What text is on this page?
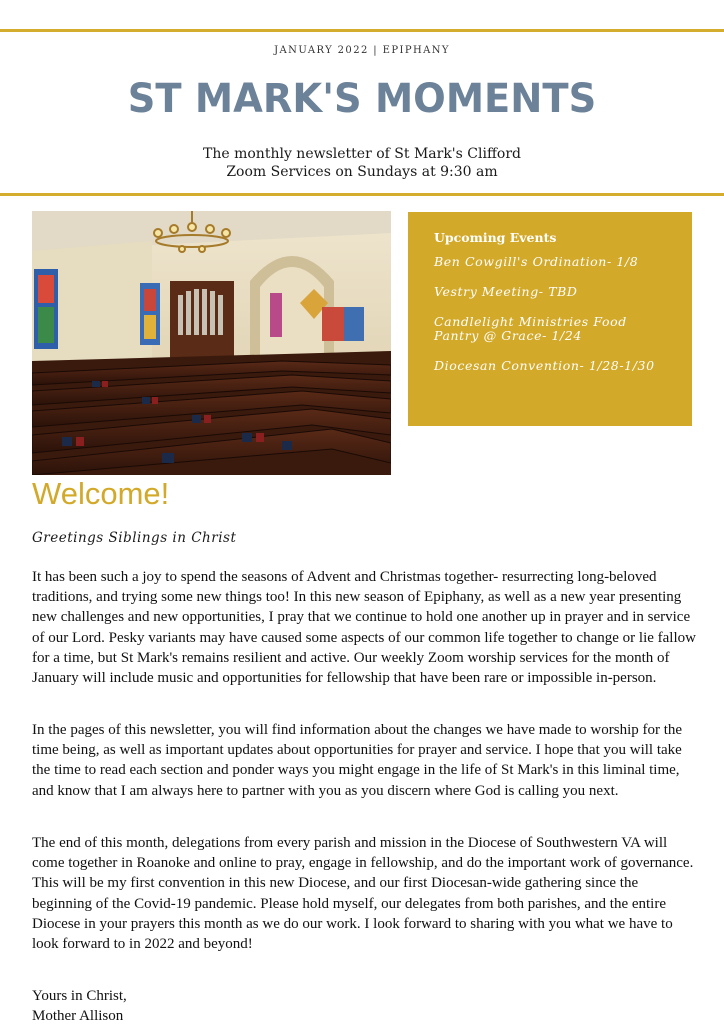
JANUARY 2022 | EPIPHANY
ST MARK'S MOMENTS
The monthly newsletter of St Mark's Clifford
Zoom Services on Sundays at 9:30 am
Upcoming Events
Ben Cowgill's Ordination- 1/8
Vestry Meeting- TBD
Candlelight Ministries Food Pantry @ Grace- 1/24
Diocesan Convention- 1/28-1/30
Welcome!
Greetings Siblings in Christ
It has been such a joy to spend the seasons of Advent and Christmas together- resurrecting long-beloved traditions, and trying some new things too! In this new season of Epiphany, as well as a new year presenting new challenges and new opportunities, I pray that we continue to hold one another up in prayer and in service of our Lord. Pesky variants may have caused some aspects of our common life together to change or lie fallow for a time, but St Mark's remains resilient and active. Our weekly Zoom worship services for the month of January will include music and opportunities for fellowship that have been rare or impossible in-person.
In the pages of this newsletter, you will find information about the changes we have made to worship for the time being, as well as important updates about opportunities for prayer and service. I hope that you will take the time to read each section and ponder ways you might engage in the life of St Mark's in this liminal time, and know that I am always here to partner with you as you discern where God is calling you next.
The end of this month, delegations from every parish and mission in the Diocese of Southwestern VA will come together in Roanoke and online to pray, engage in fellowship, and do the important work of governance. This will be my first convention in this new Diocese, and our first Diocesan-wide gathering since the beginning of the Covid-19 pandemic. Please hold myself, our delegates from both parishes, and the entire Diocese in your prayers this month as we do our work. I look forward to sharing with you what we have to look forward to in 2022 and beyond!
Yours in Christ,
Mother Allison
